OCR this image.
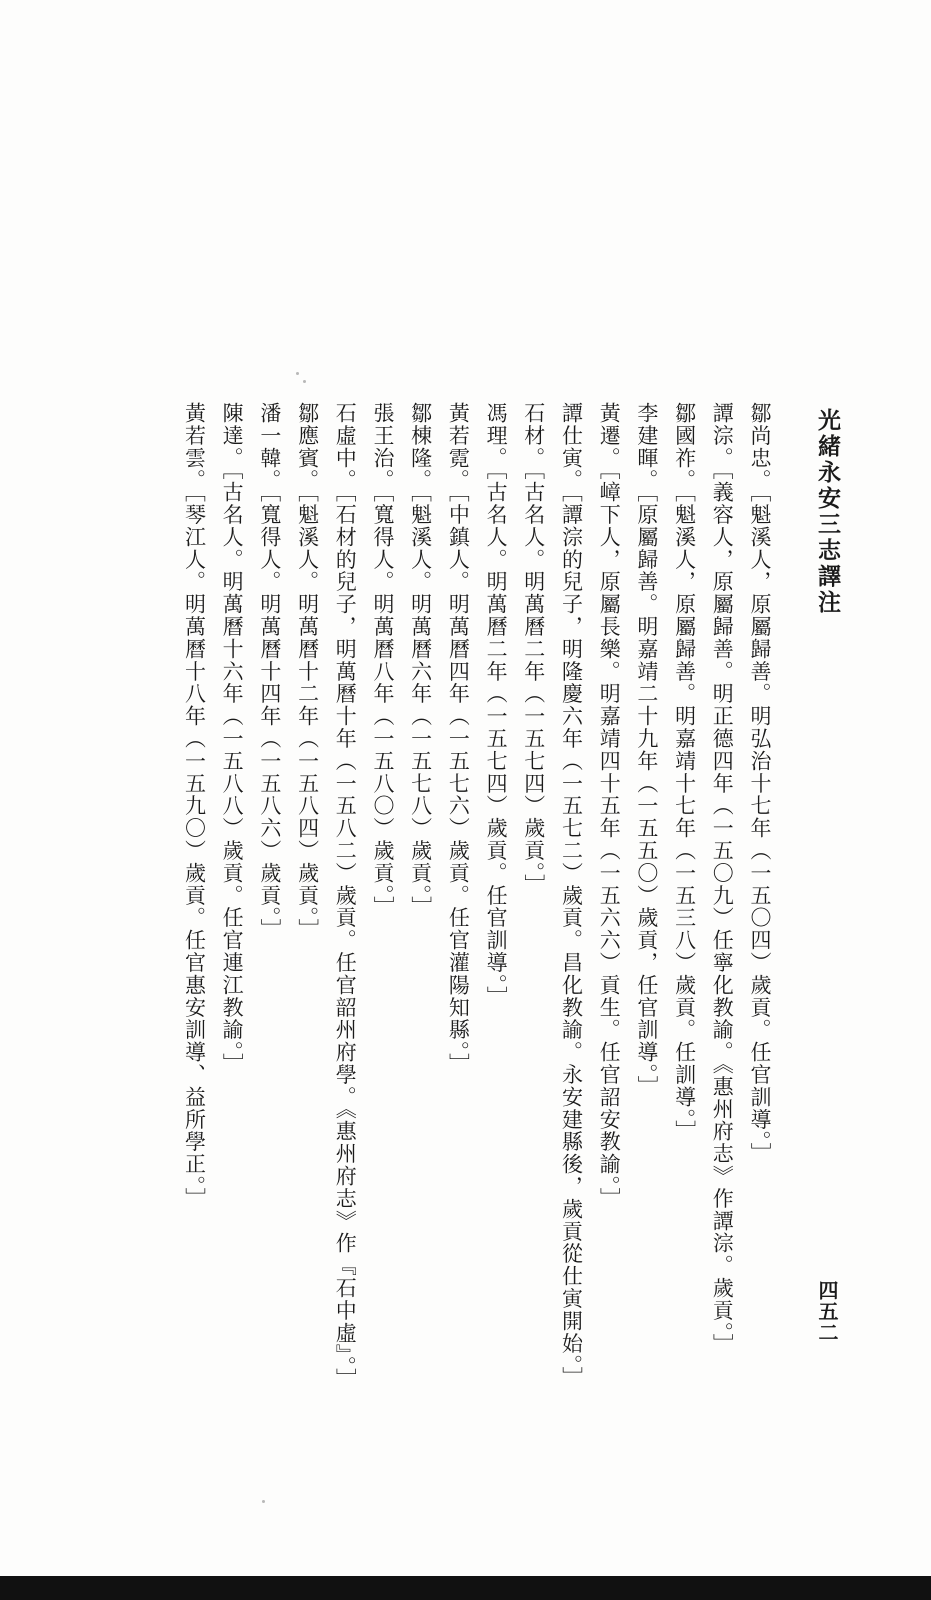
光緒永安三志譯注
四五二

鄒尚忠。［魁溪人，原屬歸善。明弘治十七年（一五〇四）歲貢。任官訓導。］

譚淙。［義容人，原屬歸善。明正德四年（一五〇九）任寧化教諭。《惠州府志》作譚淙。歲貢。］

鄒國祚。［魁溪人，原屬歸善。明嘉靖十七年（一五三八）歲貢。任訓導。］

李建暉。［原屬歸善。明嘉靖二十九年（一五五〇）歲貢，任官訓導。］

黃遷。［嶂下人，原屬長樂。明嘉靖四十五年（一五六六）貢生。任官詔安教諭。］

譚仕寅。［譚淙的兒子，明隆慶六年（一五七二）歲貢。昌化教諭。永安建縣後，歲貢從仕寅開始。］

石材。［古名人。明萬曆二年（一五七四）歲貢。］

馮理。［古名人。明萬曆二年（一五七四）歲貢。任官訓導。］

黃若霓。［中鎮人。明萬曆四年（一五七六）歲貢。任官灌陽知縣。］

鄒棟隆。［魁溪人。明萬曆六年（一五七八）歲貢。］

張王治。［寬得人。明萬曆八年（一五八〇）歲貢。］

石虛中。［石材的兒子，明萬曆十年（一五八二）歲貢。任官韶州府學。《惠州府志》作『石中虛』。］

鄒應賓。［魁溪人。明萬曆十二年（一五八四）歲貢。］

潘一韓。［寬得人。明萬曆十四年（一五八六）歲貢。］

陳達。［古名人。明萬曆十六年（一五八八）歲貢。任官連江教諭。］

黃若雲。［琴江人。明萬曆十八年（一五九〇）歲貢。任官惠安訓導、益所學正。］
